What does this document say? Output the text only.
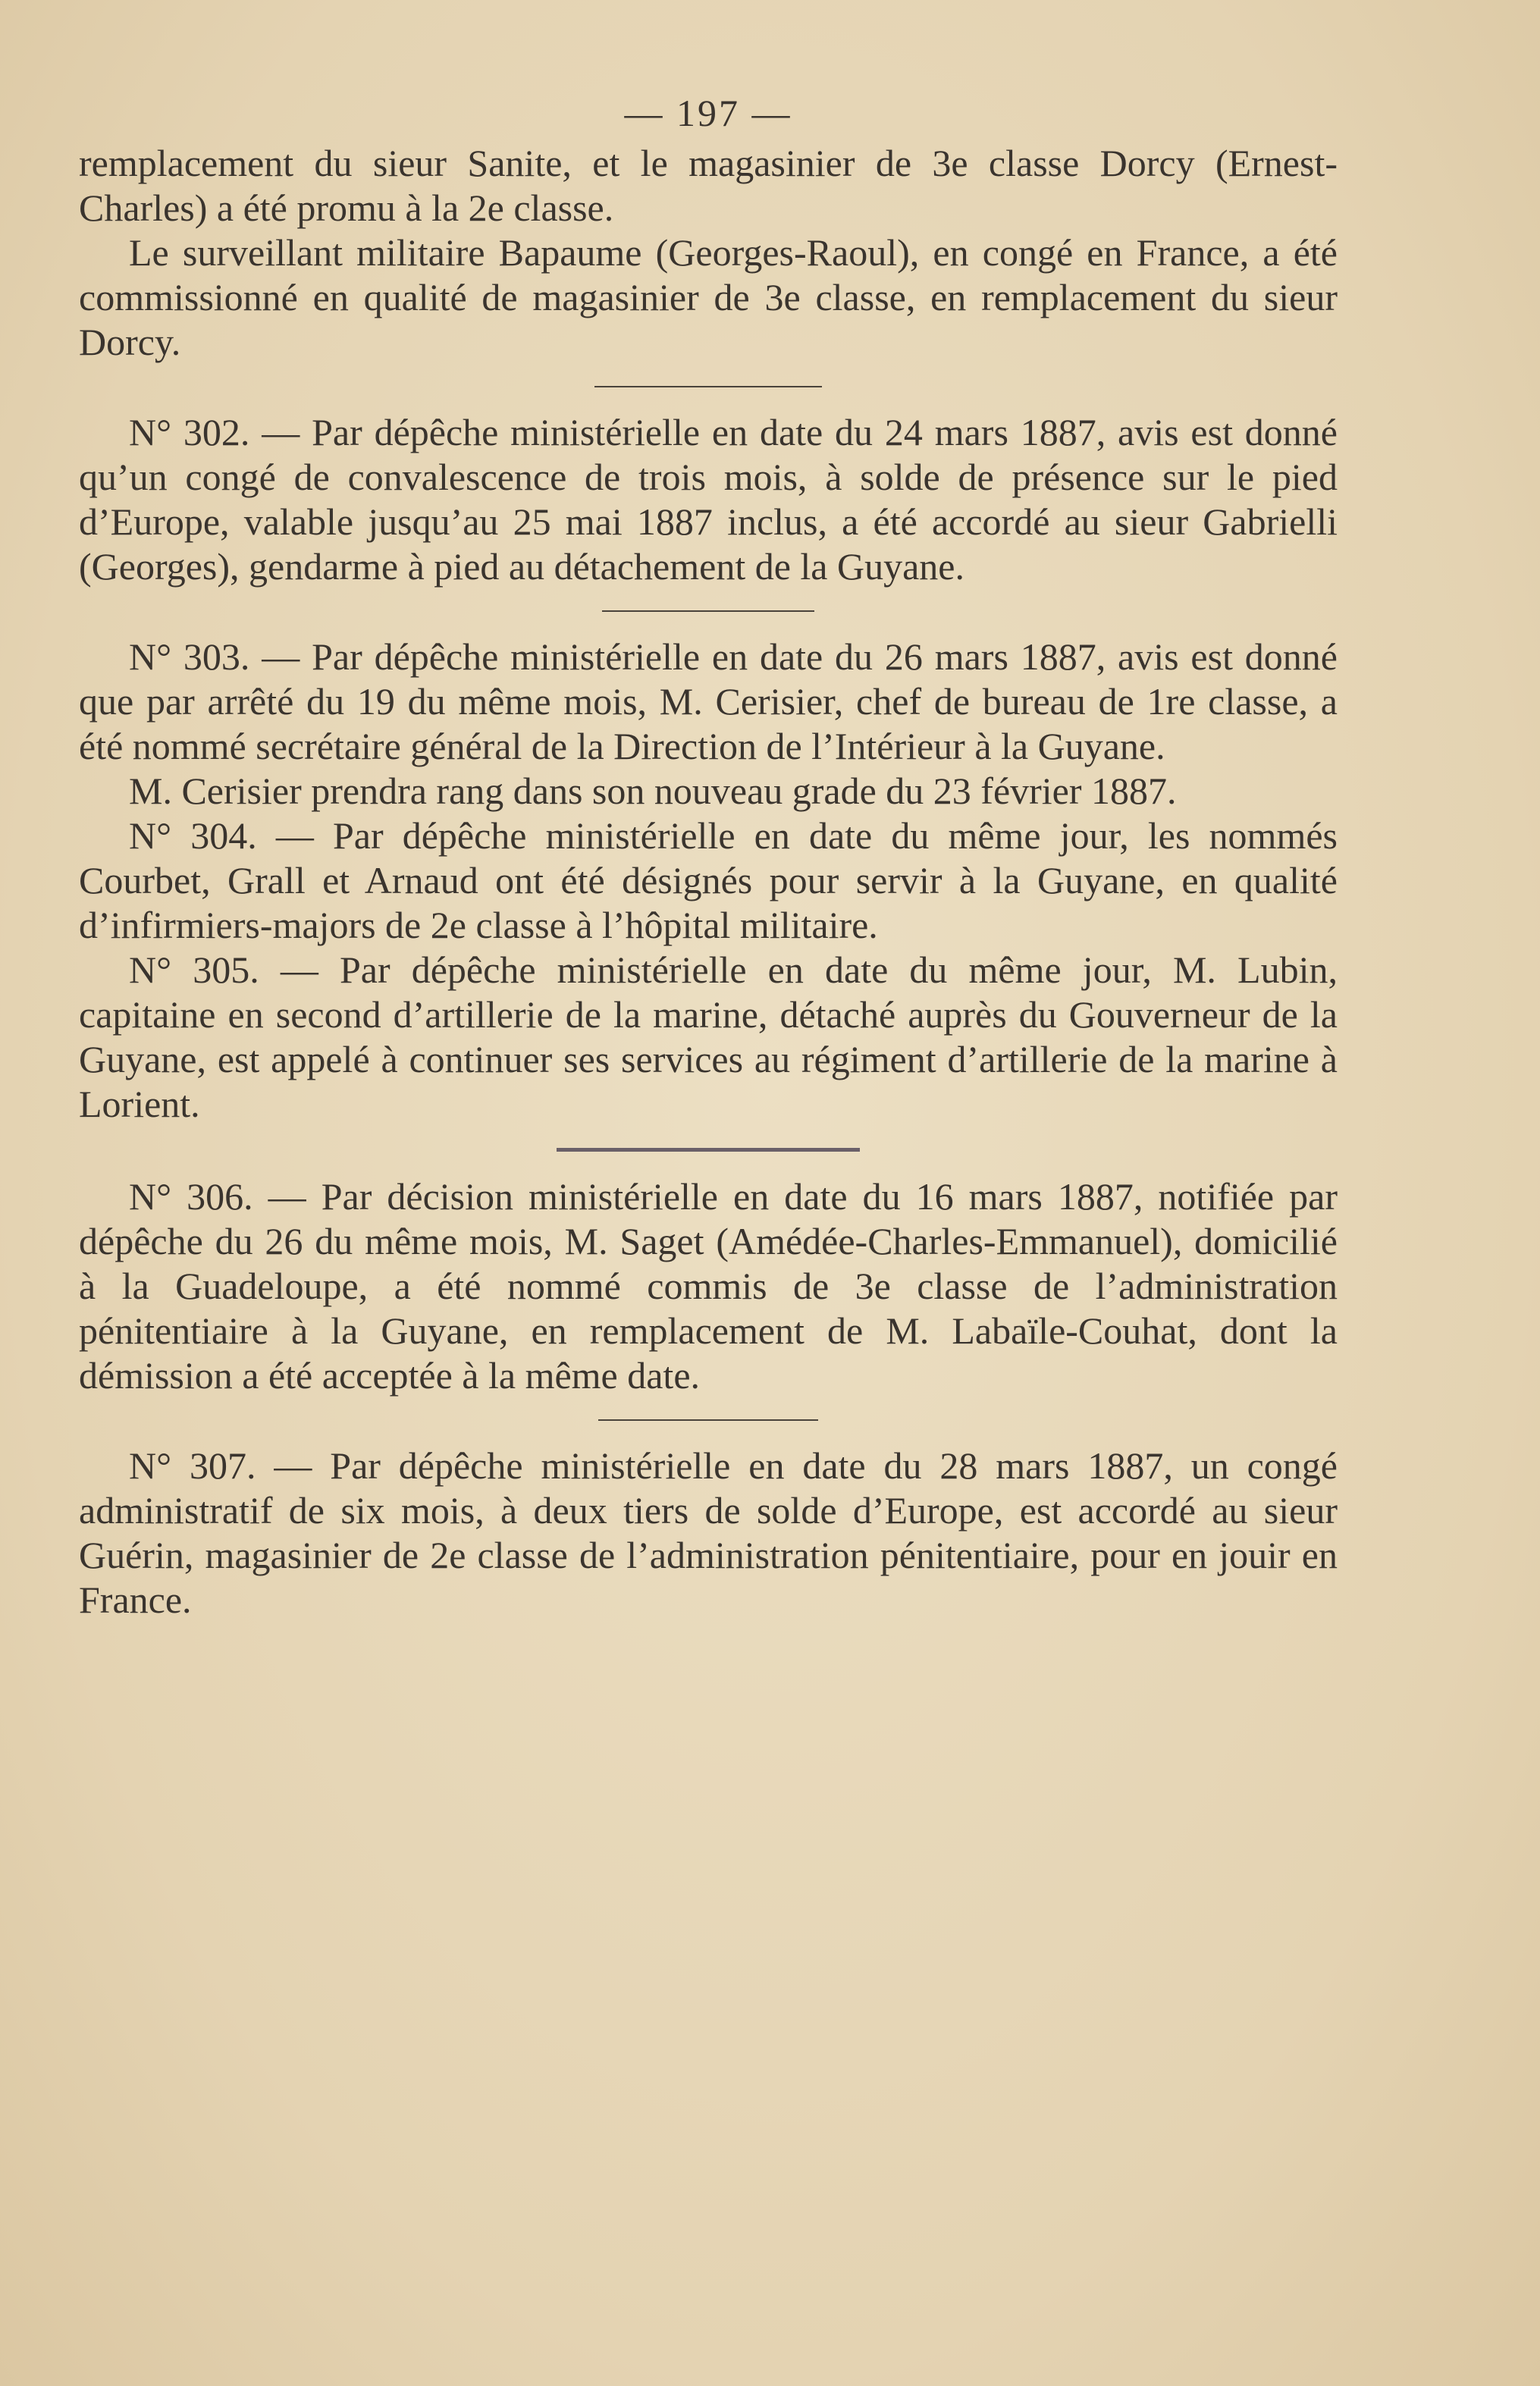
— 197 —

remplacement du sieur Sanite, et le magasinier de 3e classe Dorcy (Ernest-Charles) a été promu à la 2e classe.

Le surveillant militaire Bapaume (Georges-Raoul), en congé en France, a été commissionné en qualité de magasinier de 3e classe, en remplacement du sieur Dorcy.

N° 302. — Par dépêche ministérielle en date du 24 mars 1887, avis est donné qu’un congé de convalescence de trois mois, à solde de présence sur le pied d’Europe, valable jusqu’au 25 mai 1887 inclus, a été accordé au sieur Gabrielli (Georges), gendarme à pied au détachement de la Guyane.

N° 303. — Par dépêche ministérielle en date du 26 mars 1887, avis est donné que par arrêté du 19 du même mois, M. Cerisier, chef de bureau de 1re classe, a été nommé secrétaire général de la Direction de l’Intérieur à la Guyane.

M. Cerisier prendra rang dans son nouveau grade du 23 février 1887.

N° 304. — Par dépêche ministérielle en date du même jour, les nommés Courbet, Grall et Arnaud ont été désignés pour servir à la Guyane, en qualité d’infirmiers-majors de 2e classe à l’hôpital militaire.

N° 305. — Par dépêche ministérielle en date du même jour, M. Lubin, capitaine en second d’artillerie de la marine, détaché auprès du Gouverneur de la Guyane, est appelé à continuer ses services au régiment d’artillerie de la marine à Lorient.

N° 306. — Par décision ministérielle en date du 16 mars 1887, notifiée par dépêche du 26 du même mois, M. Saget (Amédée-Charles-Emmanuel), domicilié à la Guadeloupe, a été nommé commis de 3e classe de l’administration pénitentiaire à la Guyane, en remplacement de M. Labaïle-Couhat, dont la démission a été acceptée à la même date.

N° 307. — Par dépêche ministérielle en date du 28 mars 1887, un congé administratif de six mois, à deux tiers de solde d’Europe, est accordé au sieur Guérin, magasinier de 2e classe de l’administration pénitentiaire, pour en jouir en France.
